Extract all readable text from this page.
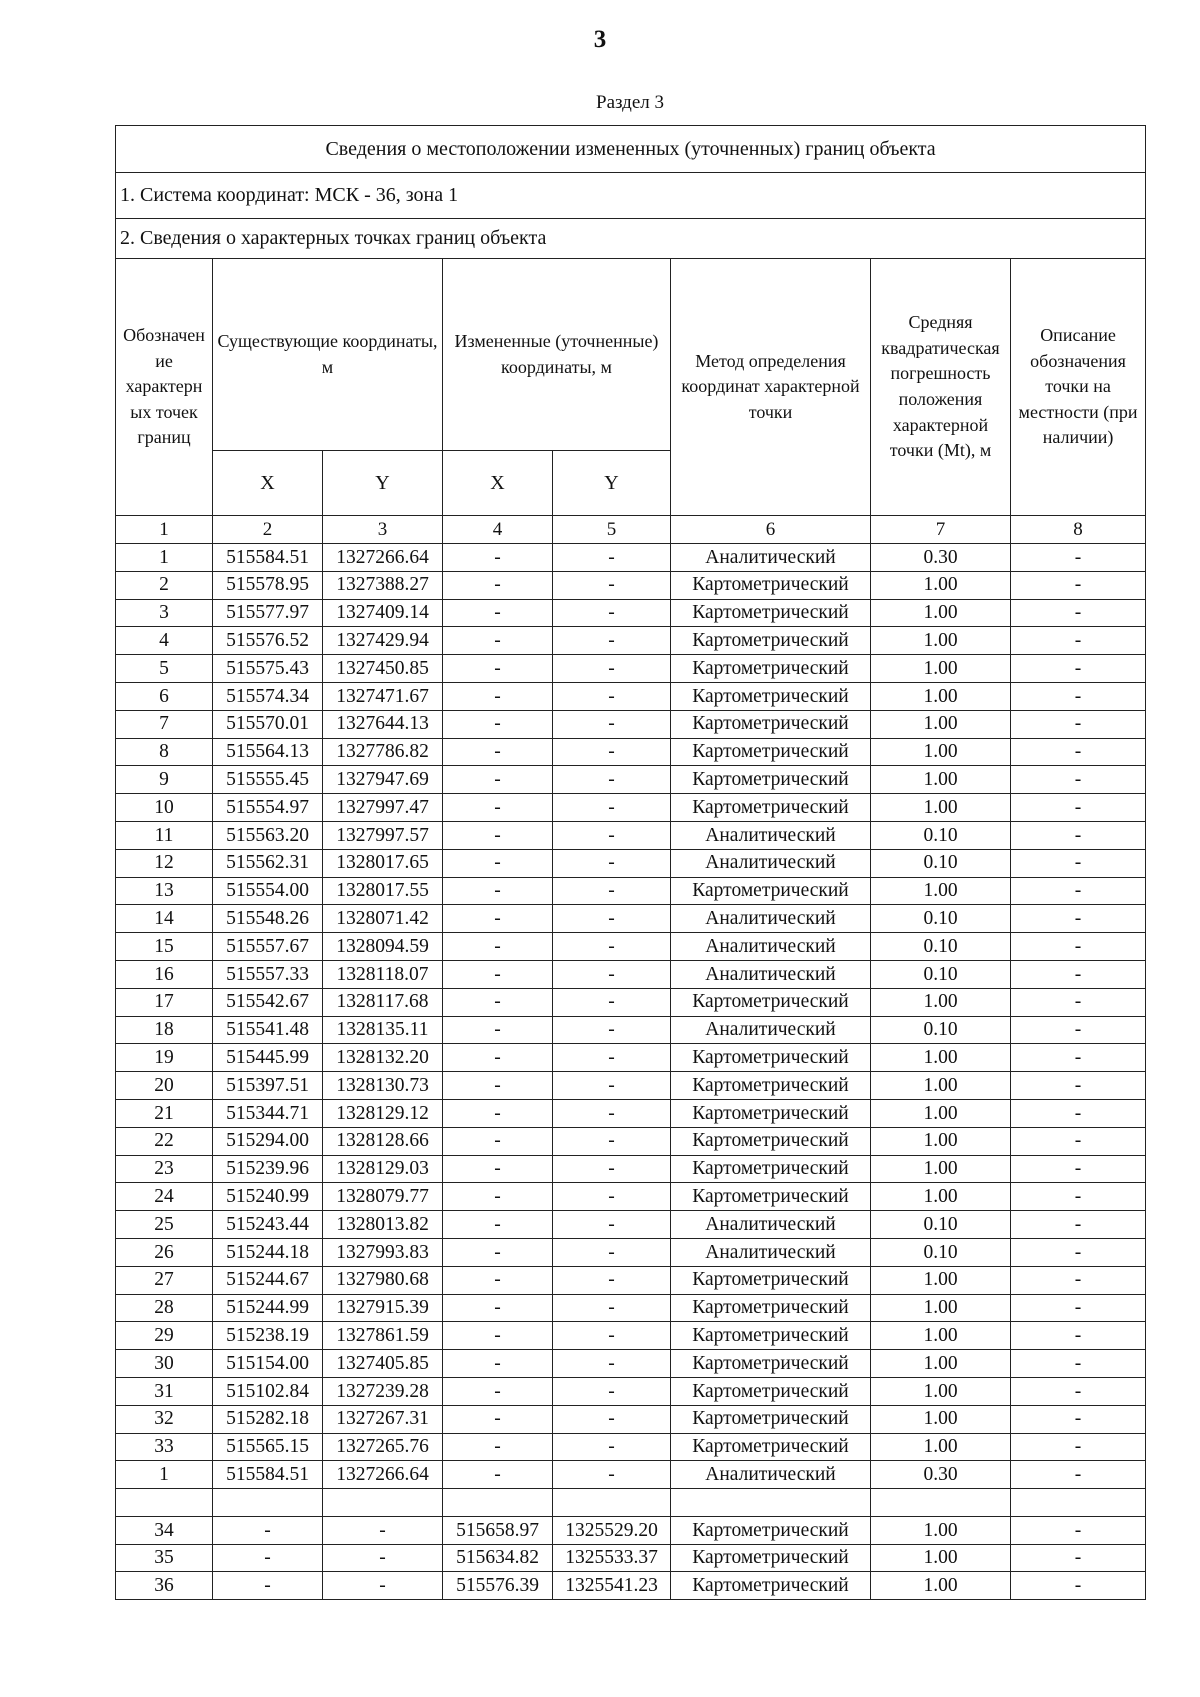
3
Раздел 3
Сведения о местоположении измененных (уточненных) границ объекта							
1. Система координат: МСК - 36, зона 1							
2. Сведения о характерных точках границ объекта							
Обозначение характерных точек границ	Существующие координаты, м		Измененные (уточненные) координаты, м		Метод определения координат характерной точки	Средняя квадратическая погрешность положения характерной точки (Mt), м	Описание обозначения точки на местности (при наличии)
	X	Y	X	Y			
1	2	3	4	5	6	7	8
1	515584.51	1327266.64	-	-	Аналитический	0.30	-
2	515578.95	1327388.27	-	-	Картометрический	1.00	-
3	515577.97	1327409.14	-	-	Картометрический	1.00	-
4	515576.52	1327429.94	-	-	Картометрический	1.00	-
5	515575.43	1327450.85	-	-	Картометрический	1.00	-
6	515574.34	1327471.67	-	-	Картометрический	1.00	-
7	515570.01	1327644.13	-	-	Картометрический	1.00	-
8	515564.13	1327786.82	-	-	Картометрический	1.00	-
9	515555.45	1327947.69	-	-	Картометрический	1.00	-
10	515554.97	1327997.47	-	-	Картометрический	1.00	-
11	515563.20	1327997.57	-	-	Аналитический	0.10	-
12	515562.31	1328017.65	-	-	Аналитический	0.10	-
13	515554.00	1328017.55	-	-	Картометрический	1.00	-
14	515548.26	1328071.42	-	-	Аналитический	0.10	-
15	515557.67	1328094.59	-	-	Аналитический	0.10	-
16	515557.33	1328118.07	-	-	Аналитический	0.10	-
17	515542.67	1328117.68	-	-	Картометрический	1.00	-
18	515541.48	1328135.11	-	-	Аналитический	0.10	-
19	515445.99	1328132.20	-	-	Картометрический	1.00	-
20	515397.51	1328130.73	-	-	Картометрический	1.00	-
21	515344.71	1328129.12	-	-	Картометрический	1.00	-
22	515294.00	1328128.66	-	-	Картометрический	1.00	-
23	515239.96	1328129.03	-	-	Картометрический	1.00	-
24	515240.99	1328079.77	-	-	Картометрический	1.00	-
25	515243.44	1328013.82	-	-	Аналитический	0.10	-
26	515244.18	1327993.83	-	-	Аналитический	0.10	-
27	515244.67	1327980.68	-	-	Картометрический	1.00	-
28	515244.99	1327915.39	-	-	Картометрический	1.00	-
29	515238.19	1327861.59	-	-	Картометрический	1.00	-
30	515154.00	1327405.85	-	-	Картометрический	1.00	-
31	515102.84	1327239.28	-	-	Картометрический	1.00	-
32	515282.18	1327267.31	-	-	Картометрический	1.00	-
33	515565.15	1327265.76	-	-	Картометрический	1.00	-
1	515584.51	1327266.64	-	-	Аналитический	0.30	-

34	-	-	515658.97	1325529.20	Картометрический	1.00	-
35	-	-	515634.82	1325533.37	Картометрический	1.00	-
36	-	-	515576.39	1325541.23	Картометрический	1.00	-
